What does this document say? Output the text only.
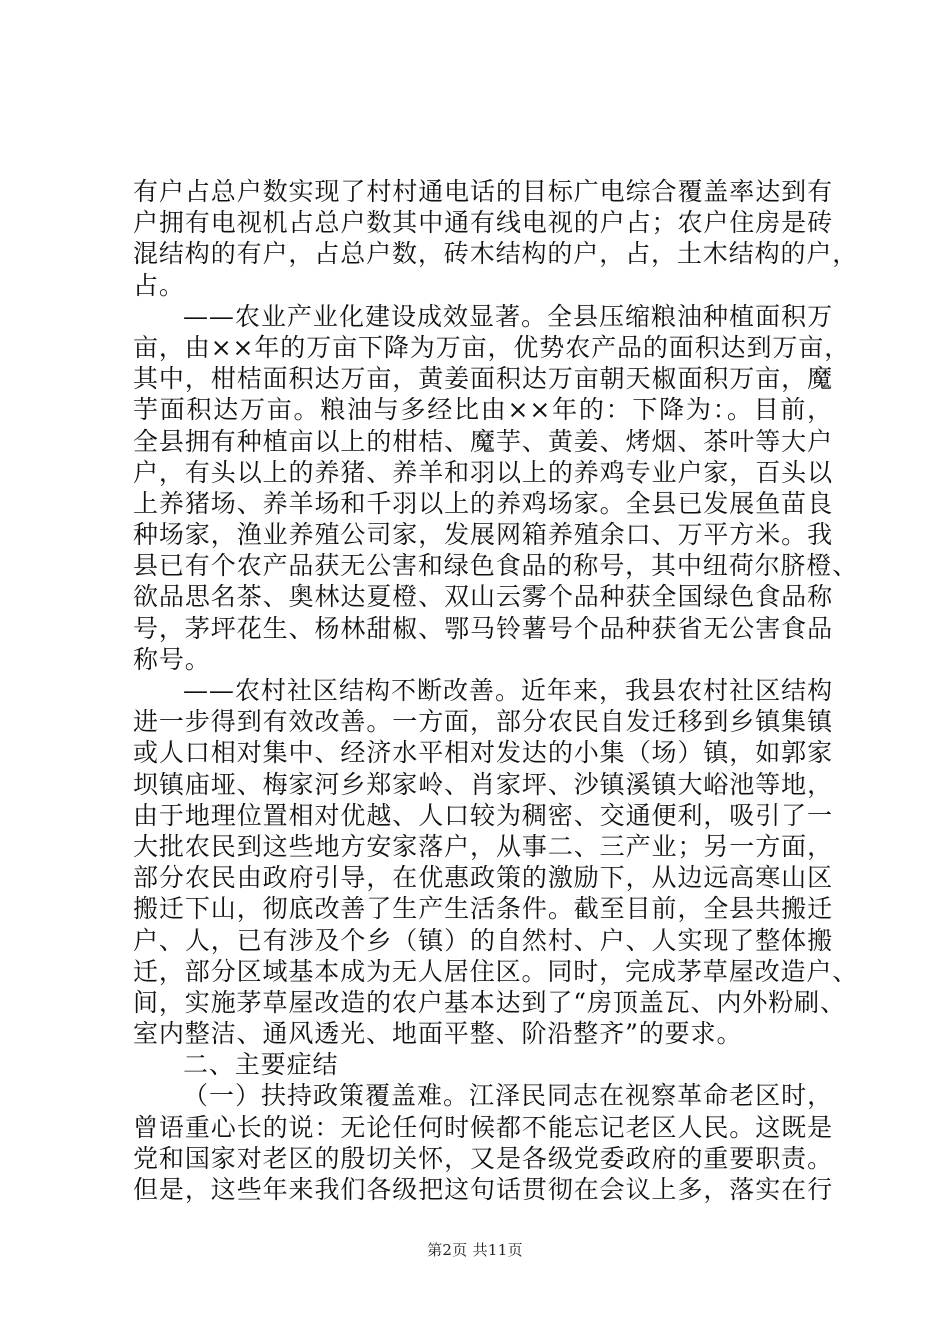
有户占总户数实现了村村通电话的目标广电综合覆盖率达到有
户拥有电视机占总户数其中通有线电视的户占；农户住房是砖
混结构的有户，占总户数，砖木结构的户，占，土木结构的户，
占。
——农业产业化建设成效显著。全县压缩粮油种植面积万
亩，由××年的万亩下降为万亩，优势农产品的面积达到万亩，
其中，柑桔面积达万亩，黄姜面积达万亩朝天椒面积万亩，魔
芋面积达万亩。粮油与多经比由××年的：下降为：。目前，
全县拥有种植亩以上的柑桔、魔芋、黄姜、烤烟、茶叶等大户
户，有头以上的养猪、养羊和羽以上的养鸡专业户家，百头以
上养猪场、养羊场和千羽以上的养鸡场家。全县已发展鱼苗良
种场家，渔业养殖公司家，发展网箱养殖余口、万平方米。我
县已有个农产品获无公害和绿色食品的称号，其中纽荷尔脐橙、
欲品思名茶、奥林达夏橙、双山云雾个品种获全国绿色食品称
号，茅坪花生、杨林甜椒、鄂马铃薯号个品种获省无公害食品
称号。
——农村社区结构不断改善。近年来，我县农村社区结构
进一步得到有效改善。一方面，部分农民自发迁移到乡镇集镇
或人口相对集中、经济水平相对发达的小集（场）镇，如郭家
坝镇庙垭、梅家河乡郑家岭、肖家坪、沙镇溪镇大峪池等地，
由于地理位置相对优越、人口较为稠密、交通便利，吸引了一
大批农民到这些地方安家落户，从事二、三产业；另一方面，
部分农民由政府引导，在优惠政策的激励下，从边远高寒山区
搬迁下山，彻底改善了生产生活条件。截至目前，全县共搬迁
户、人，已有涉及个乡（镇）的自然村、户、人实现了整体搬
迁，部分区域基本成为无人居住区。同时，完成茅草屋改造户、
间，实施茅草屋改造的农户基本达到了“房顶盖瓦、内外粉刷、
室内整洁、通风透光、地面平整、阶沿整齐”的要求。
二、主要症结
（一）扶持政策覆盖难。江泽民同志在视察革命老区时，
曾语重心长的说：无论任何时候都不能忘记老区人民。这既是
党和国家对老区的殷切关怀，又是各级党委政府的重要职责。
但是，这些年来我们各级把这句话贯彻在会议上多，落实在行
第2页 共11页
